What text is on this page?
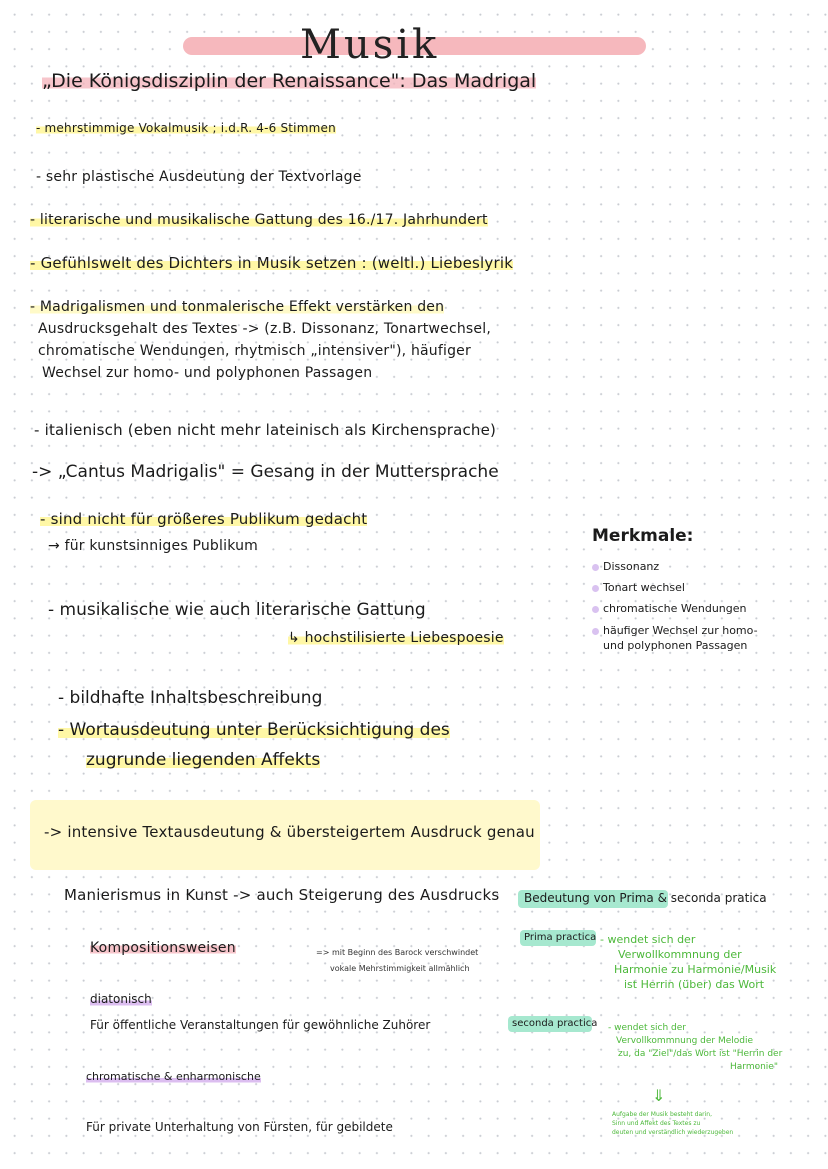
Musik
„Die Königsdisziplin der Renaissance": Das Madrigal
- mehrstimmige Vokalmusik ; i.d.R. 4-6 Stimmen
- sehr plastische Ausdeutung der Textvorlage
- literarische und musikalische Gattung des 16./17. Jahrhundert
- Gefühlswelt des Dichters in Musik setzen : (weltl.) Liebeslyrik
- Madrigalismen und tonmalerische Effekt verstärken den
Ausdrucksgehalt des Textes -> (z.B. Dissonanz, Tonartwechsel,
chromatische Wendungen, rhytmisch „intensiver"), häufiger
Wechsel zur homo- und polyphonen Passagen
- italienisch (eben nicht mehr lateinisch als Kirchensprache)
-> „Cantus Madrigalis" = Gesang in der Muttersprache
- sind nicht für größeres Publikum gedacht
→ für kunstsinniges Publikum
- musikalische wie auch literarische Gattung
↳ hochstilisierte Liebespoesie
- bildhafte Inhaltsbeschreibung
- Wortausdeutung unter Berücksichtigung des
zugrunde liegenden Affekts
-> intensive Textausdeutung & übersteigertem Ausdruck genau
Manierismus in Kunst -> auch Steigerung des Ausdrucks
Kompositionsweisen	=> mit Beginn des Barock verschwindet
vokale Mehrstimmigkeit allmählich
diatonisch
Für öffentliche Veranstaltungen für gewöhnliche Zuhörer
chromatische & enharmonische
Für private Unterhaltung von Fürsten, für gebildete
Merkmale:
Dissonanz
Tonart wechsel
chromatische Wendungen
häufiger Wechsel zur homo-
und polyphonen Passagen
Bedeutung von Prima & seconda pratica
Prima practica - wendet sich der
Verwollkommnung der
Harmonie zu Harmonie/Musik
ist Herrin (über) das Wort
seconda practica - wendet sich der
Vervollkommnung der Melodie
zu, da "Ziel"/das Wort ist "Herrin der
Harmonie"
⇓
Aufgabe der Musik besteht darin,
Sinn und Affekt des Textes zu
deuten und verständlich wiederzugeben
